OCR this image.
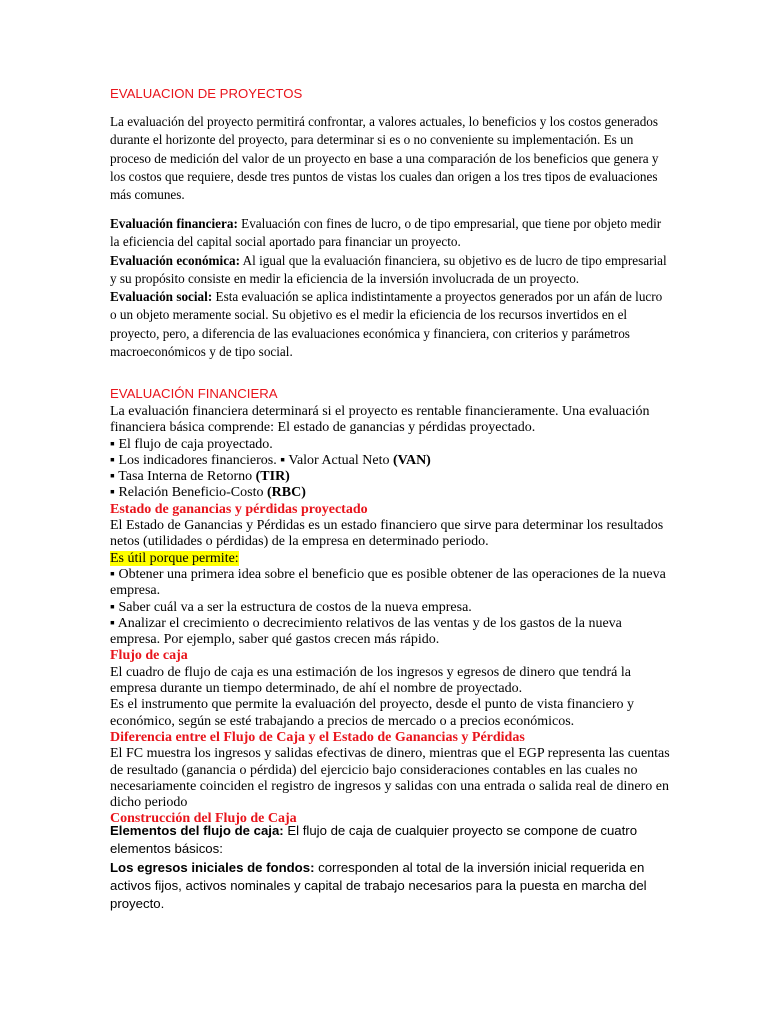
EVALUACION DE PROYECTOS

La evaluación del proyecto permitirá confrontar, a valores actuales, lo beneficios y los costos generados durante el horizonte del proyecto, para determinar si es o no conveniente su implementación. Es un proceso de medición del valor de un proyecto en base a una comparación de los beneficios que genera y los costos que requiere, desde tres puntos de vistas los cuales dan origen a los tres tipos de evaluaciones más comunes.

Evaluación financiera: Evaluación con fines de lucro, o de tipo empresarial, que tiene por objeto medir la eficiencia del capital social aportado para financiar un proyecto.
Evaluación económica: Al igual que la evaluación financiera, su objetivo es de lucro de tipo empresarial y su propósito consiste en medir la eficiencia de la inversión involucrada de un proyecto.
Evaluación social: Esta evaluación se aplica indistintamente a proyectos generados por un afán de lucro o un objeto meramente social. Su objetivo es el medir la eficiencia de los recursos invertidos en el proyecto, pero, a diferencia de las evaluaciones económica y financiera, con criterios y parámetros macroeconómicos y de tipo social.

EVALUACIÓN FINANCIERA

La evaluación financiera determinará si el proyecto es rentable financieramente. Una evaluación financiera básica comprende: El estado de ganancias y pérdidas proyectado.
▪ El flujo de caja proyectado.
▪ Los indicadores financieros. ▪ Valor Actual Neto (VAN)
▪ Tasa Interna de Retorno (TIR)
▪ Relación Beneficio-Costo (RBC)
Estado de ganancias y pérdidas proyectado
El Estado de Ganancias y Pérdidas es un estado financiero que sirve para determinar los resultados netos (utilidades o pérdidas) de la empresa en determinado periodo.
Es útil porque permite:
▪ Obtener una primera idea sobre el beneficio que es posible obtener de las operaciones de la nueva empresa.
▪ Saber cuál va a ser la estructura de costos de la nueva empresa.
▪ Analizar el crecimiento o decrecimiento relativos de las ventas y de los gastos de la nueva empresa. Por ejemplo, saber qué gastos crecen más rápido.
Flujo de caja
El cuadro de flujo de caja es una estimación de los ingresos y egresos de dinero que tendrá la empresa durante un tiempo determinado, de ahí el nombre de proyectado.
Es el instrumento que permite la evaluación del proyecto, desde el punto de vista financiero y económico, según se esté trabajando a precios de mercado o a precios económicos.
Diferencia entre el Flujo de Caja y el Estado de Ganancias y Pérdidas
El FC muestra los ingresos y salidas efectivas de dinero, mientras que el EGP representa las cuentas de resultado (ganancia o pérdida) del ejercicio bajo consideraciones contables en las cuales no necesariamente coinciden el registro de ingresos y salidas con una entrada o salida real de dinero en dicho periodo
Construcción del Flujo de Caja
Elementos del flujo de caja: El flujo de caja de cualquier proyecto se compone de cuatro elementos básicos:
Los egresos iniciales de fondos: corresponden al total de la inversión inicial requerida en activos fijos, activos nominales y capital de trabajo necesarios para la puesta en marcha del proyecto.
